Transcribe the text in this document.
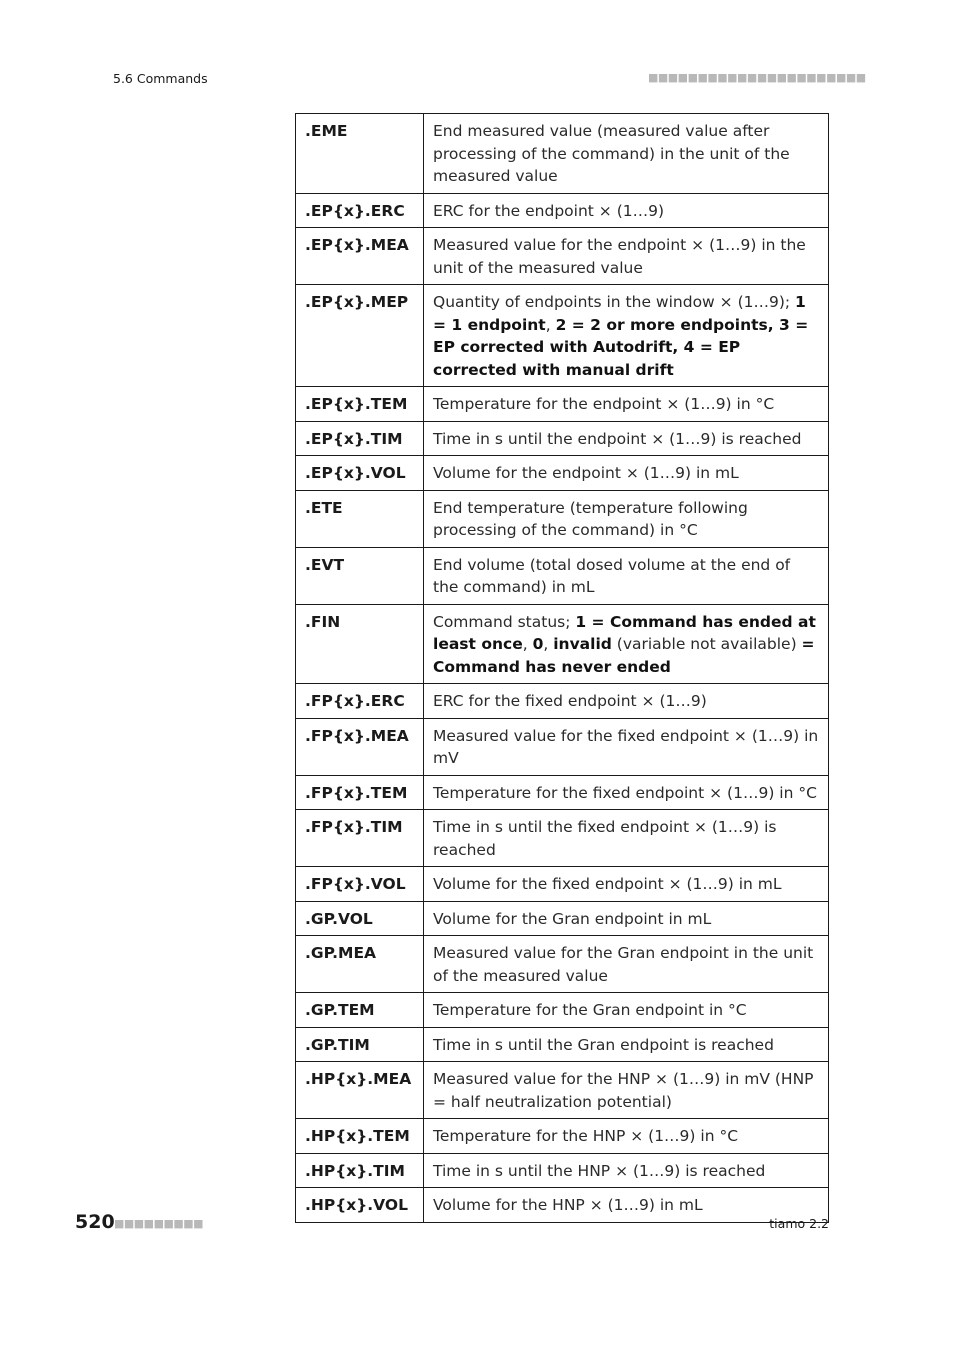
5.6 Commands	■■■■■■■■■■■■■■■■■■■■■■
.EME	End measured value (measured value after processing of the command) in the unit of the measured value
.EP{x}.ERC	ERC for the endpoint × (1…9)
.EP{x}.MEA	Measured value for the endpoint × (1…9) in the unit of the measured value
.EP{x}.MEP	Quantity of endpoints in the window × (1…9); 1 = 1 endpoint, 2 = 2 or more endpoints, 3 = EP corrected with Autodrift, 4 = EP corrected with manual drift
.EP{x}.TEM	Temperature for the endpoint × (1…9) in °C
.EP{x}.TIM	Time in s until the endpoint × (1…9) is reached
.EP{x}.VOL	Volume for the endpoint × (1…9) in mL
.ETE	End temperature (temperature following processing of the command) in °C
.EVT	End volume (total dosed volume at the end of the command) in mL
.FIN	Command status; 1 = Command has ended at least once, 0, invalid (variable not available) = Command has never ended
.FP{x}.ERC	ERC for the fixed endpoint × (1…9)
.FP{x}.MEA	Measured value for the fixed endpoint × (1…9) in mV
.FP{x}.TEM	Temperature for the fixed endpoint × (1…9) in °C
.FP{x}.TIM	Time in s until the fixed endpoint × (1…9) is reached
.FP{x}.VOL	Volume for the fixed endpoint × (1…9) in mL
.GP.VOL	Volume for the Gran endpoint in mL
.GP.MEA	Measured value for the Gran endpoint in the unit of the measured value
.GP.TEM	Temperature for the Gran endpoint in °C
.GP.TIM	Time in s until the Gran endpoint is reached
.HP{x}.MEA	Measured value for the HNP × (1…9) in mV (HNP = half neutralization potential)
.HP{x}.TEM	Temperature for the HNP × (1…9) in °C
.HP{x}.TIM	Time in s until the HNP × (1…9) is reached
.HP{x}.VOL	Volume for the HNP × (1…9) in mL
520 ■■■■■■■■■	tiamo 2.2
